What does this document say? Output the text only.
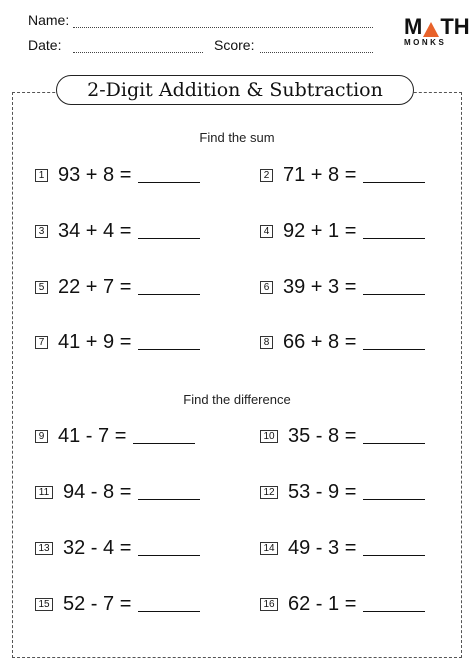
Name:
Date:	Score:
M TH
MONKS
2-Digit Addition & Subtraction
Find the sum
Find the difference
1 93 + 8 =	2 71 + 8 =
3 34 + 4 =	4 92 + 1 =
5 22 + 7 =	6 39 + 3 =
7 41 + 9 =	8 66 + 8 =
9 41 - 7 =	10 35 - 8 =
11 94 - 8 =	12 53 - 9 =
13 32 - 4 =	14 49 - 3 =
15 52 - 7 =	16 62 - 1 =
